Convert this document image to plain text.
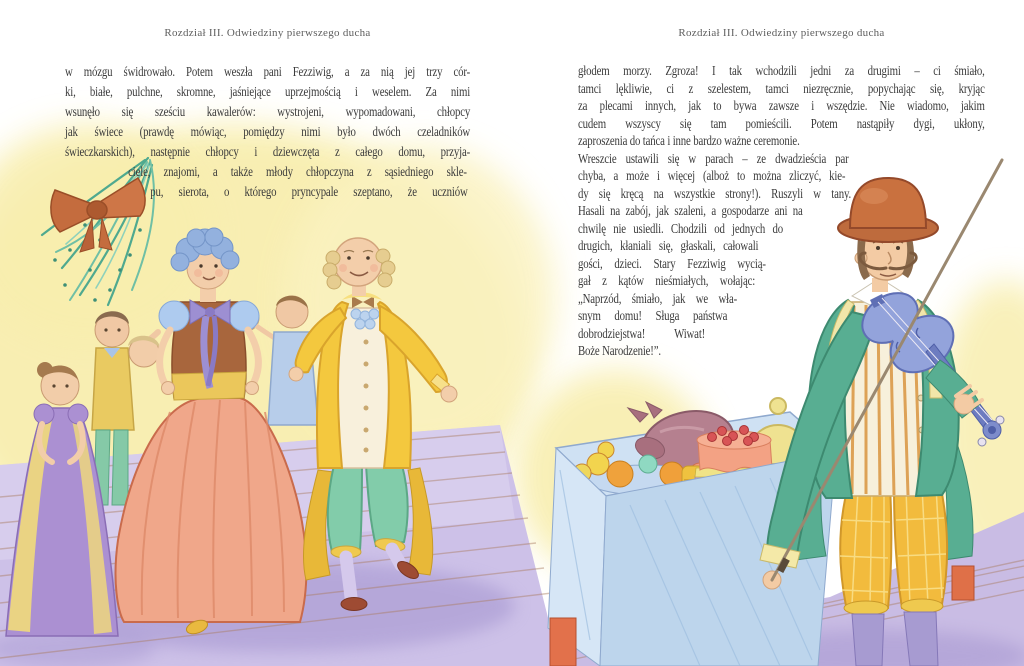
Rozdział III. Odwiedziny pierwszego ducha	Rozdział III. Odwiedziny pierwszego ducha
w mózgu świdrowało. Potem weszła pani Fezziwig, a za nią jej trzy cór-
ki, białe, pulchne, skromne, jaśniejące uprzejmością i weselem. Za nimi
wsunęło się sześciu kawalerów: wystrojeni, wypomadowani, chłopcy
jak świece (prawdę mówiąc, pomiędzy nimi było dwóch czeladników
świeczkarskich), następnie chłopcy i dziewczęta z całego domu, przyja-
ciele, znajomi, a także młody chłopczyna z sąsiedniego skle-
pu, sierota, o którego pryncypale szeptano, że uczniów
głodem morzy. Zgroza! I tak wchodzili jedni za drugimi – ci śmiało,
tamci lękliwie, ci z szelestem, tamci niezręcznie, popychając się, kryjąc
za plecami innych, jak to bywa zawsze i wszędzie. Nie wiadomo, jakim
cudem wszyscy się tam pomieścili. Potem nastąpiły dygi, ukłony,
zaproszenia do tańca i inne bardzo ważne ceremonie.
Wreszcie ustawili się w parach – ze dwadzieścia par
chyba, a może i więcej (alboż to można zliczyć, kie-
dy się kręcą na wszystkie strony!). Ruszyli w tany.
Hasali na zabój, jak szaleni, a gospodarze ani na
chwilę nie usiedli. Chodzili od jednych do
drugich, kłaniali się, głaskali, całowali
gości, dzieci. Stary Fezziwig wycią-
gał z kątów nieśmiałych, wołając:
„Naprzód, śmiało, jak we wła-
snym domu! Sługa państwa
dobrodziejstwa! Wiwat!
Boże Narodzenie!”.
